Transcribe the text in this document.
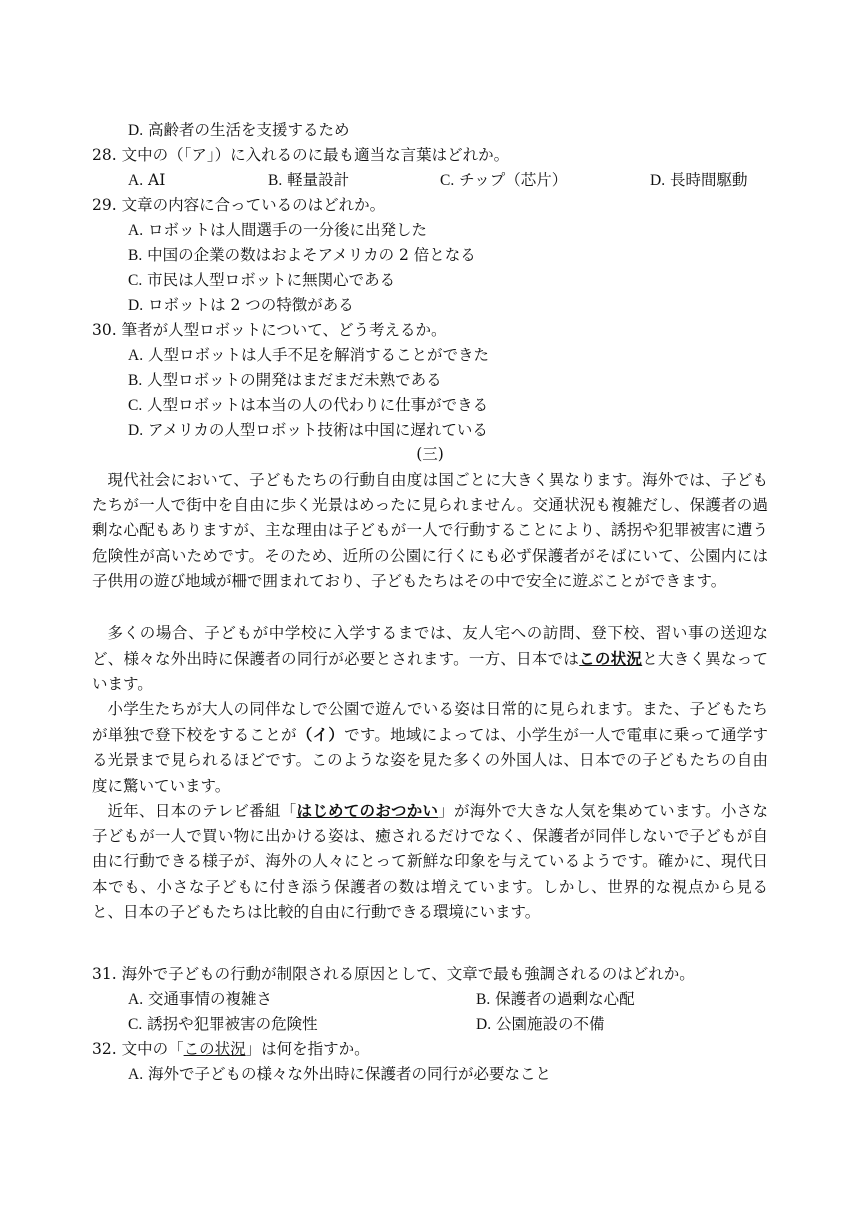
D. 高齢者の生活を支援するため
28. 文中の（「ア」）に入れるのに最も適当な言葉はどれか。
A. AI	B. 軽量設計	C. チップ（芯片）	D. 長時間駆動
29. 文章の内容に合っているのはどれか。
A. ロボットは人間選手の一分後に出発した
B. 中国の企業の数はおよそアメリカの 2 倍となる
C. 市民は人型ロボットに無関心である
D. ロボットは 2 つの特徴がある
30. 筆者が人型ロボットについて、どう考えるか。
A. 人型ロボットは人手不足を解消することができた
B. 人型ロボットの開発はまだまだ未熟である
C. 人型ロボットは本当の人の代わりに仕事ができる
D. アメリカの人型ロボット技術は中国に遅れている
(三)
現代社会において、子どもたちの行動自由度は国ごとに大きく異なります。海外では、子どもたちが一人で街中を自由に歩く光景はめったに見られません。交通状況も複雑だし、保護者の過剰な心配もありますが、主な理由は子どもが一人で行動することにより、誘拐や犯罪被害に遭う危険性が高いためです。そのため、近所の公園に行くにも必ず保護者がそばにいて、公園内には子供用の遊び地域が柵で囲まれており、子どもたちはその中で安全に遊ぶことができます。
多くの場合、子どもが中学校に入学するまでは、友人宅への訪問、登下校、習い事の送迎など、様々な外出時に保護者の同行が必要とされます。一方、日本ではこの状況と大きく異なっています。
小学生たちが大人の同伴なしで公園で遊んでいる姿は日常的に見られます。また、子どもたちが単独で登下校をすることが（イ）です。地域によっては、小学生が一人で電車に乗って通学する光景まで見られるほどです。このような姿を見た多くの外国人は、日本での子どもたちの自由度に驚いています。
近年、日本のテレビ番組「はじめてのおつかい」が海外で大きな人気を集めています。小さな子どもが一人で買い物に出かける姿は、癒されるだけでなく、保護者が同伴しないで子どもが自由に行動できる様子が、海外の人々にとって新鮮な印象を与えているようです。確かに、現代日本でも、小さな子どもに付き添う保護者の数は増えています。しかし、世界的な視点から見ると、日本の子どもたちは比較的自由に行動できる環境にいます。
31. 海外で子どもの行動が制限される原因として、文章で最も強調されるのはどれか。
A. 交通事情の複雑さ	B. 保護者の過剰な心配
C. 誘拐や犯罪被害の危険性	D. 公園施設の不備
32. 文中の「この状況」は何を指すか。
A. 海外で子どもの様々な外出時に保護者の同行が必要なこと
